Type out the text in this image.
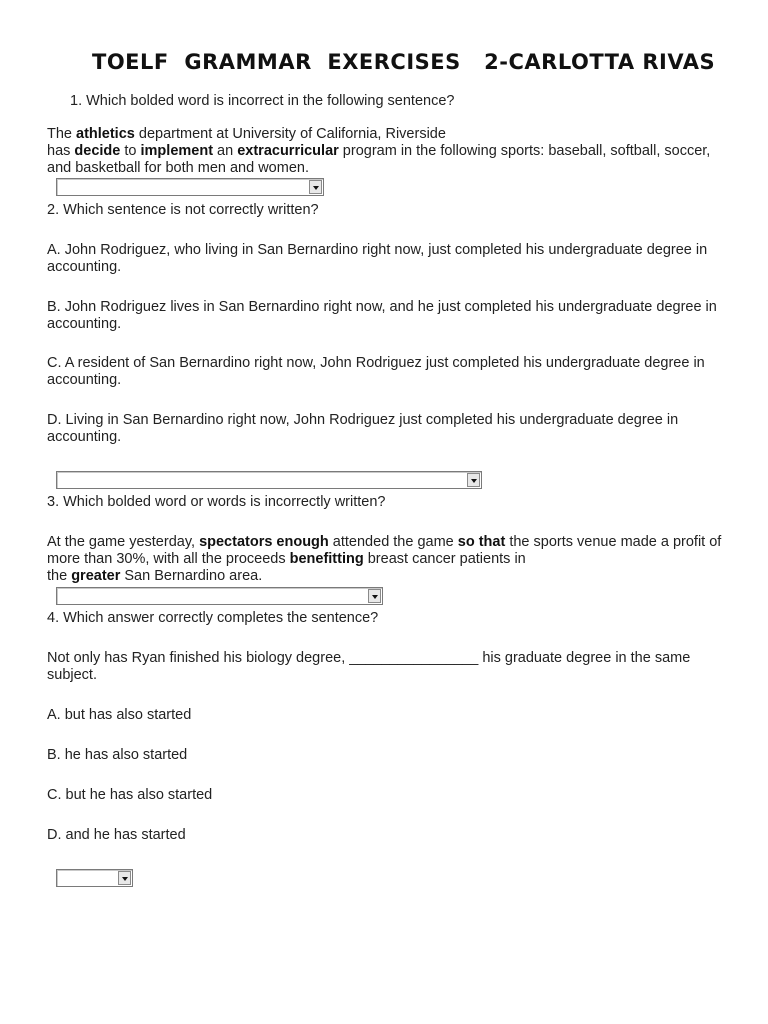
TOELF  GRAMMAR  EXERCISES   2-CARLOTTA RIVAS
1. Which bolded word is incorrect in the following sentence?
The athletics department at University of California, Riverside
has decide to implement an extracurricular program in the following sports: baseball, softball, soccer, and basketball for both men and women.
2. Which sentence is not correctly written?
A. John Rodriguez, who living in San Bernardino right now, just completed his undergraduate degree in accounting.
B. John Rodriguez lives in San Bernardino right now, and he just completed his undergraduate degree in accounting.
C. A resident of San Bernardino right now, John Rodriguez just completed his undergraduate degree in accounting.
D. Living in San Bernardino right now, John Rodriguez just completed his undergraduate degree in accounting.
3. Which bolded word or words is incorrectly written?
At the game yesterday, spectators enough attended the game so that the sports venue made a profit of more than 30%, with all the proceeds benefitting breast cancer patients in
the greater San Bernardino area.
4. Which answer correctly completes the sentence?
Not only has Ryan finished his biology degree, ________________ his graduate degree in the same subject.
A. but has also started
B. he has also started
C. but he has also started
D. and he has started
